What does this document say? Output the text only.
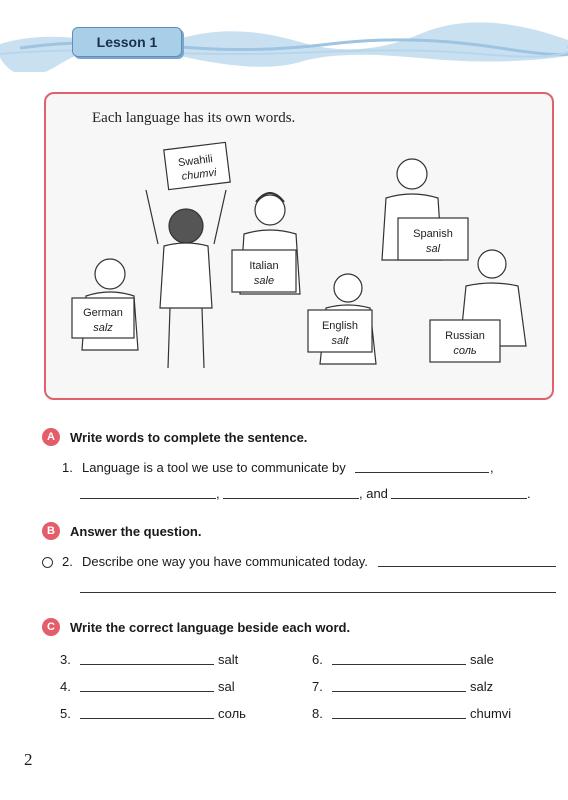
Lesson 1
Each language has its own words.
Swahili
chumvi
German
salz
Italian
sale
English
salt
Spanish
sal
Russian
соль
A	Write words to complete the sentence.
1. Language is a tool we use to communicate by	,
,	, and	.
B	Answer the question.
2. Describe one way you have communicated today.
C	Write the correct language beside each word.
3.	salt
4.	sal
5.	соль
6.	sale
7.	salz
8.	chumvi
2
